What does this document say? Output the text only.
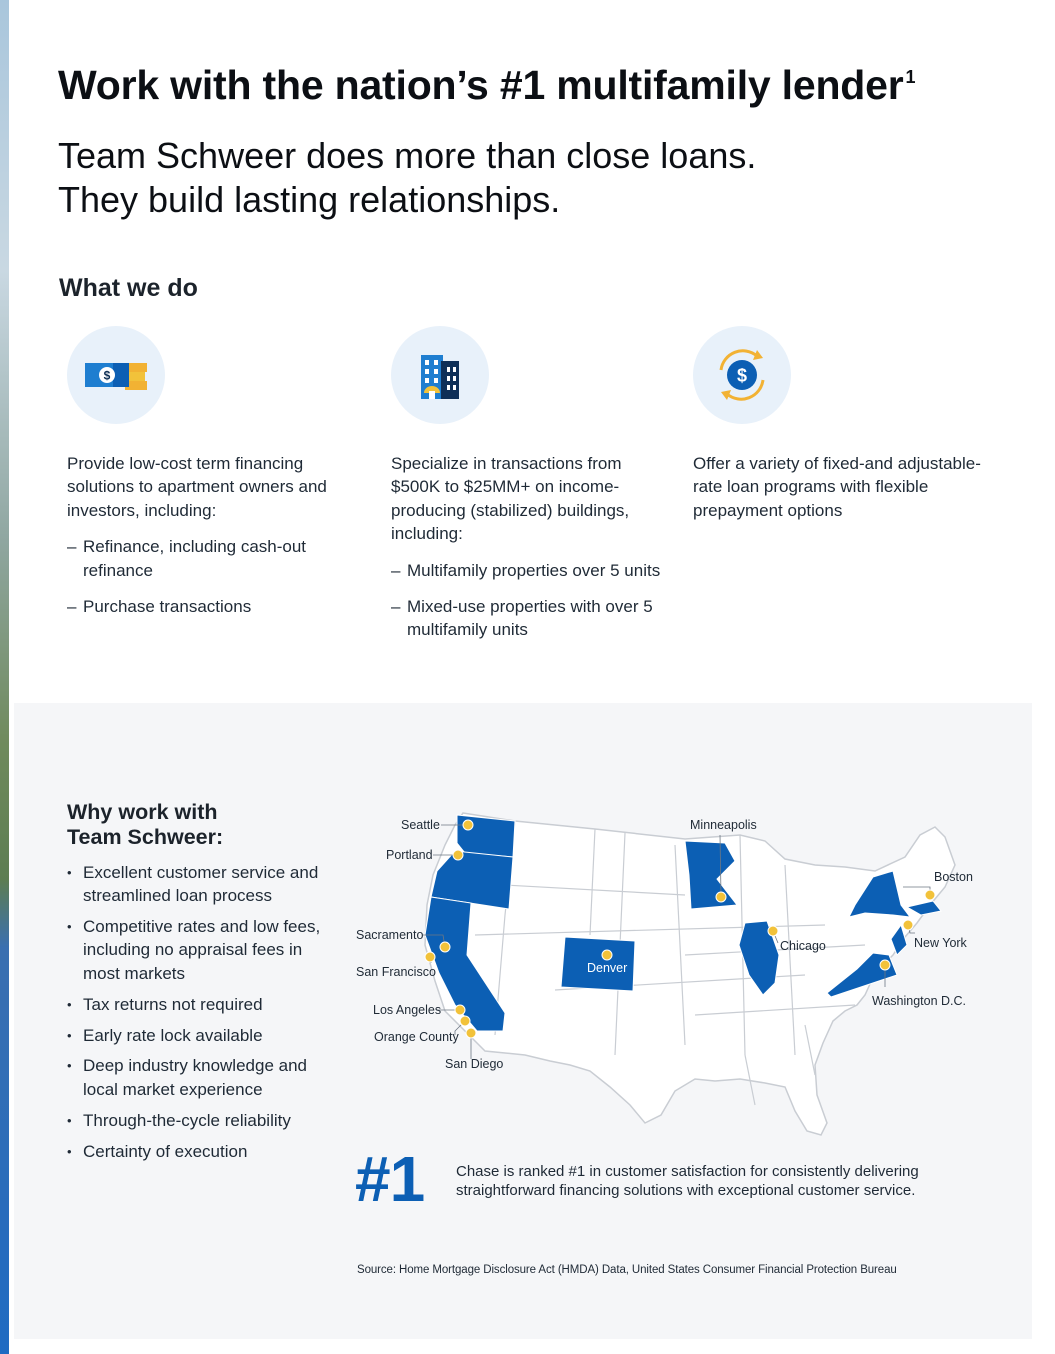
Work with the nation’s #1 multifamily lender $^1$
Team Schweer does more than close loans.
They build lasting relationships.
What we do
$
Provide low-cost term financing solutions to apartment owners and investors, including:
– Refinance, including cash-out refinance
– Purchase transactions
Specialize in transactions from $500K to $25MM+ on income-producing (stabilized) buildings, including:
– Multifamily properties over 5 units
– Mixed-use properties with over 5 multifamily units
$
Offer a variety of fixed-and adjustable-rate loan programs with flexible prepayment options
Why work with
Team Schweer:
• Excellent customer service and streamlined loan process
• Competitive rates and low fees, including no appraisal fees in most markets
• Tax returns not required
• Early rate lock available
• Deep industry knowledge and local market experience
• Through-the-cycle reliability
• Certainty of execution
Seattle
Portland
Sacramento
San Francisco
Los Angeles
Orange County
San Diego
Denver
Minneapolis
Chicago
Boston
New York
Washington D.C.
#1 Chase is ranked #1 in customer satisfaction for consistently delivering straightforward financing solutions with exceptional customer service.
Source: Home Mortgage Disclosure Act (HMDA) Data, United States Consumer Financial Protection Bureau
